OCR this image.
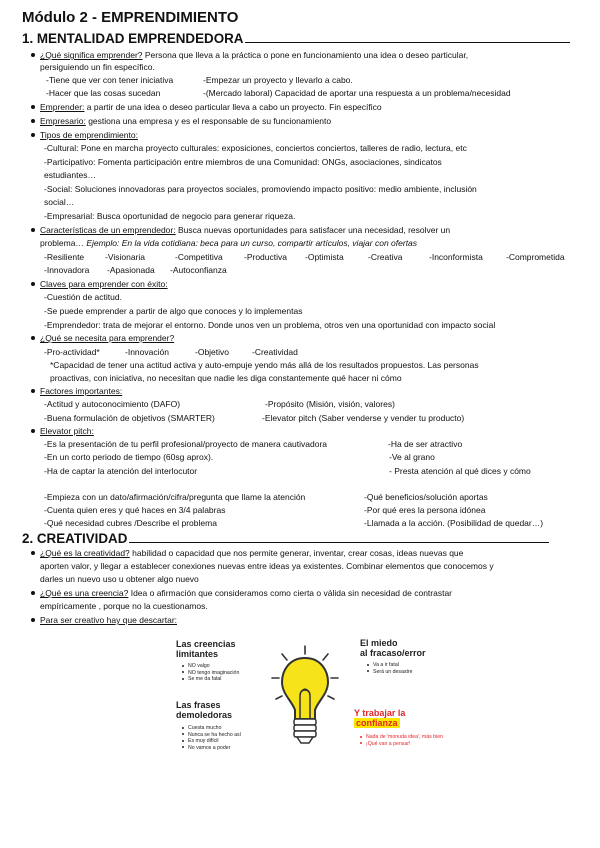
Módulo 2 - EMPRENDIMIENTO
1. MENTALIDAD EMPRENDEDORA
¿Qué significa emprender? Persona que lleva a la práctica o pone en funcionamiento una idea o deseo particular,
persiguiendo un fin específico.
-Tiene que ver con tener iniciativa	-Empezar un proyecto y llevarlo a cabo.
-Hacer que las cosas sucedan	-(Mercado laboral) Capacidad de aportar una respuesta a un problema/necesidad
Emprender: a partir de una idea o deseo particular lleva a cabo un proyecto. Fin específico
Empresario: gestiona una empresa y es el responsable de su funcionamiento
Tipos de emprendimiento:
-Cultural: Pone en marcha proyecto culturales: exposiciones, conciertos conciertos, talleres de radio, lectura, etc
-Participativo: Fomenta participación entre miembros de una Comunidad: ONGs, asociaciones, sindicatos
estudiantes…
-Social: Soluciones innovadoras para proyectos sociales, promoviendo impacto positivo: medio ambiente, inclusión
social…
-Empresarial: Busca oportunidad de negocio para generar riqueza.
Características de un emprendedor: Busca nuevas oportunidades para satisfacer una necesidad, resolver un
problema… Ejemplo: En la vida cotidiana: beca para un curso, compartir artículos, viajar con ofertas
-Resiliente -Visionaria	-Competitiva	-Productiva -Optimista	-Creativa	-Inconformista	-Comprometida
-Innovadora -Apasionada -Autoconfianza
Claves para emprender con éxito:
-Cuestión de actitud.
-Se puede emprender a partir de algo que conoces y lo implementas
-Emprendedor: trata de mejorar el entorno. Donde unos ven un problema, otros ven una oportunidad con impacto social
¿Qué se necesita para emprender?
-Pro-actividad*	-Innovación	-Objetivo	-Creatividad
*Capacidad de tener una actitud activa y auto-empuje yendo más allá de los resultados propuestos. Las personas
proactivas, con iniciativa, no necesitan que nadie les diga constantemente qué hacer ni cómo
Factores importantes:
-Actitud y autoconocimiento (DAFO)	-Propósito (Misión, visión, valores)
-Buena formulación de objetivos (SMARTER)	-Elevator pitch (Saber venderse y vender tu producto)
Elevator pitch:
-Es la presentación de tu perfil profesional/proyecto de manera cautivadora	-Ha de ser atractivo
-En un corto periodo de tiempo (60sg aprox).	-Ve al grano
-Ha de captar la atención del interlocutor	- Presta atención al qué dices y cómo
-Empieza con un dato/afirmación/cifra/pregunta que llame la atención	-Qué beneficios/solución aportas
-Cuenta quien eres y qué haces en 3/4 palabras	-Por qué eres la persona idónea
-Qué necesidad cubres /Describe el problema	-Llamada a la acción. (Posibilidad de quedar…)
2. CREATIVIDAD
¿Qué es la creatividad? habilidad o capacidad que nos permite generar, inventar, crear cosas, ideas nuevas que
aporten valor, y llegar a establecer conexiones nuevas entre ideas ya existentes. Combinar elementos que conocemos y
darles un nuevo uso u obtener algo nuevo
¿Qué es una creencia? Idea o afirmación que consideramos como cierta o válida sin necesidad de contrastar
empíricamente , porque no la cuestionamos.
Para ser creativo hay que descartar:
Las creencias
limitantes
NO valgo
NO tengo imaginación
Se me da fatal
Las frases
demoledoras
Cuesta mucho
Nunca se ha hecho así
Es muy difícil
No vamos a poder
El miedo
al fracaso/error
Va a ir fatal
Será un desastre
Y trabajar la
confianza
Nada de 'monuda idea', más bien
¡Qué van a pensar!
